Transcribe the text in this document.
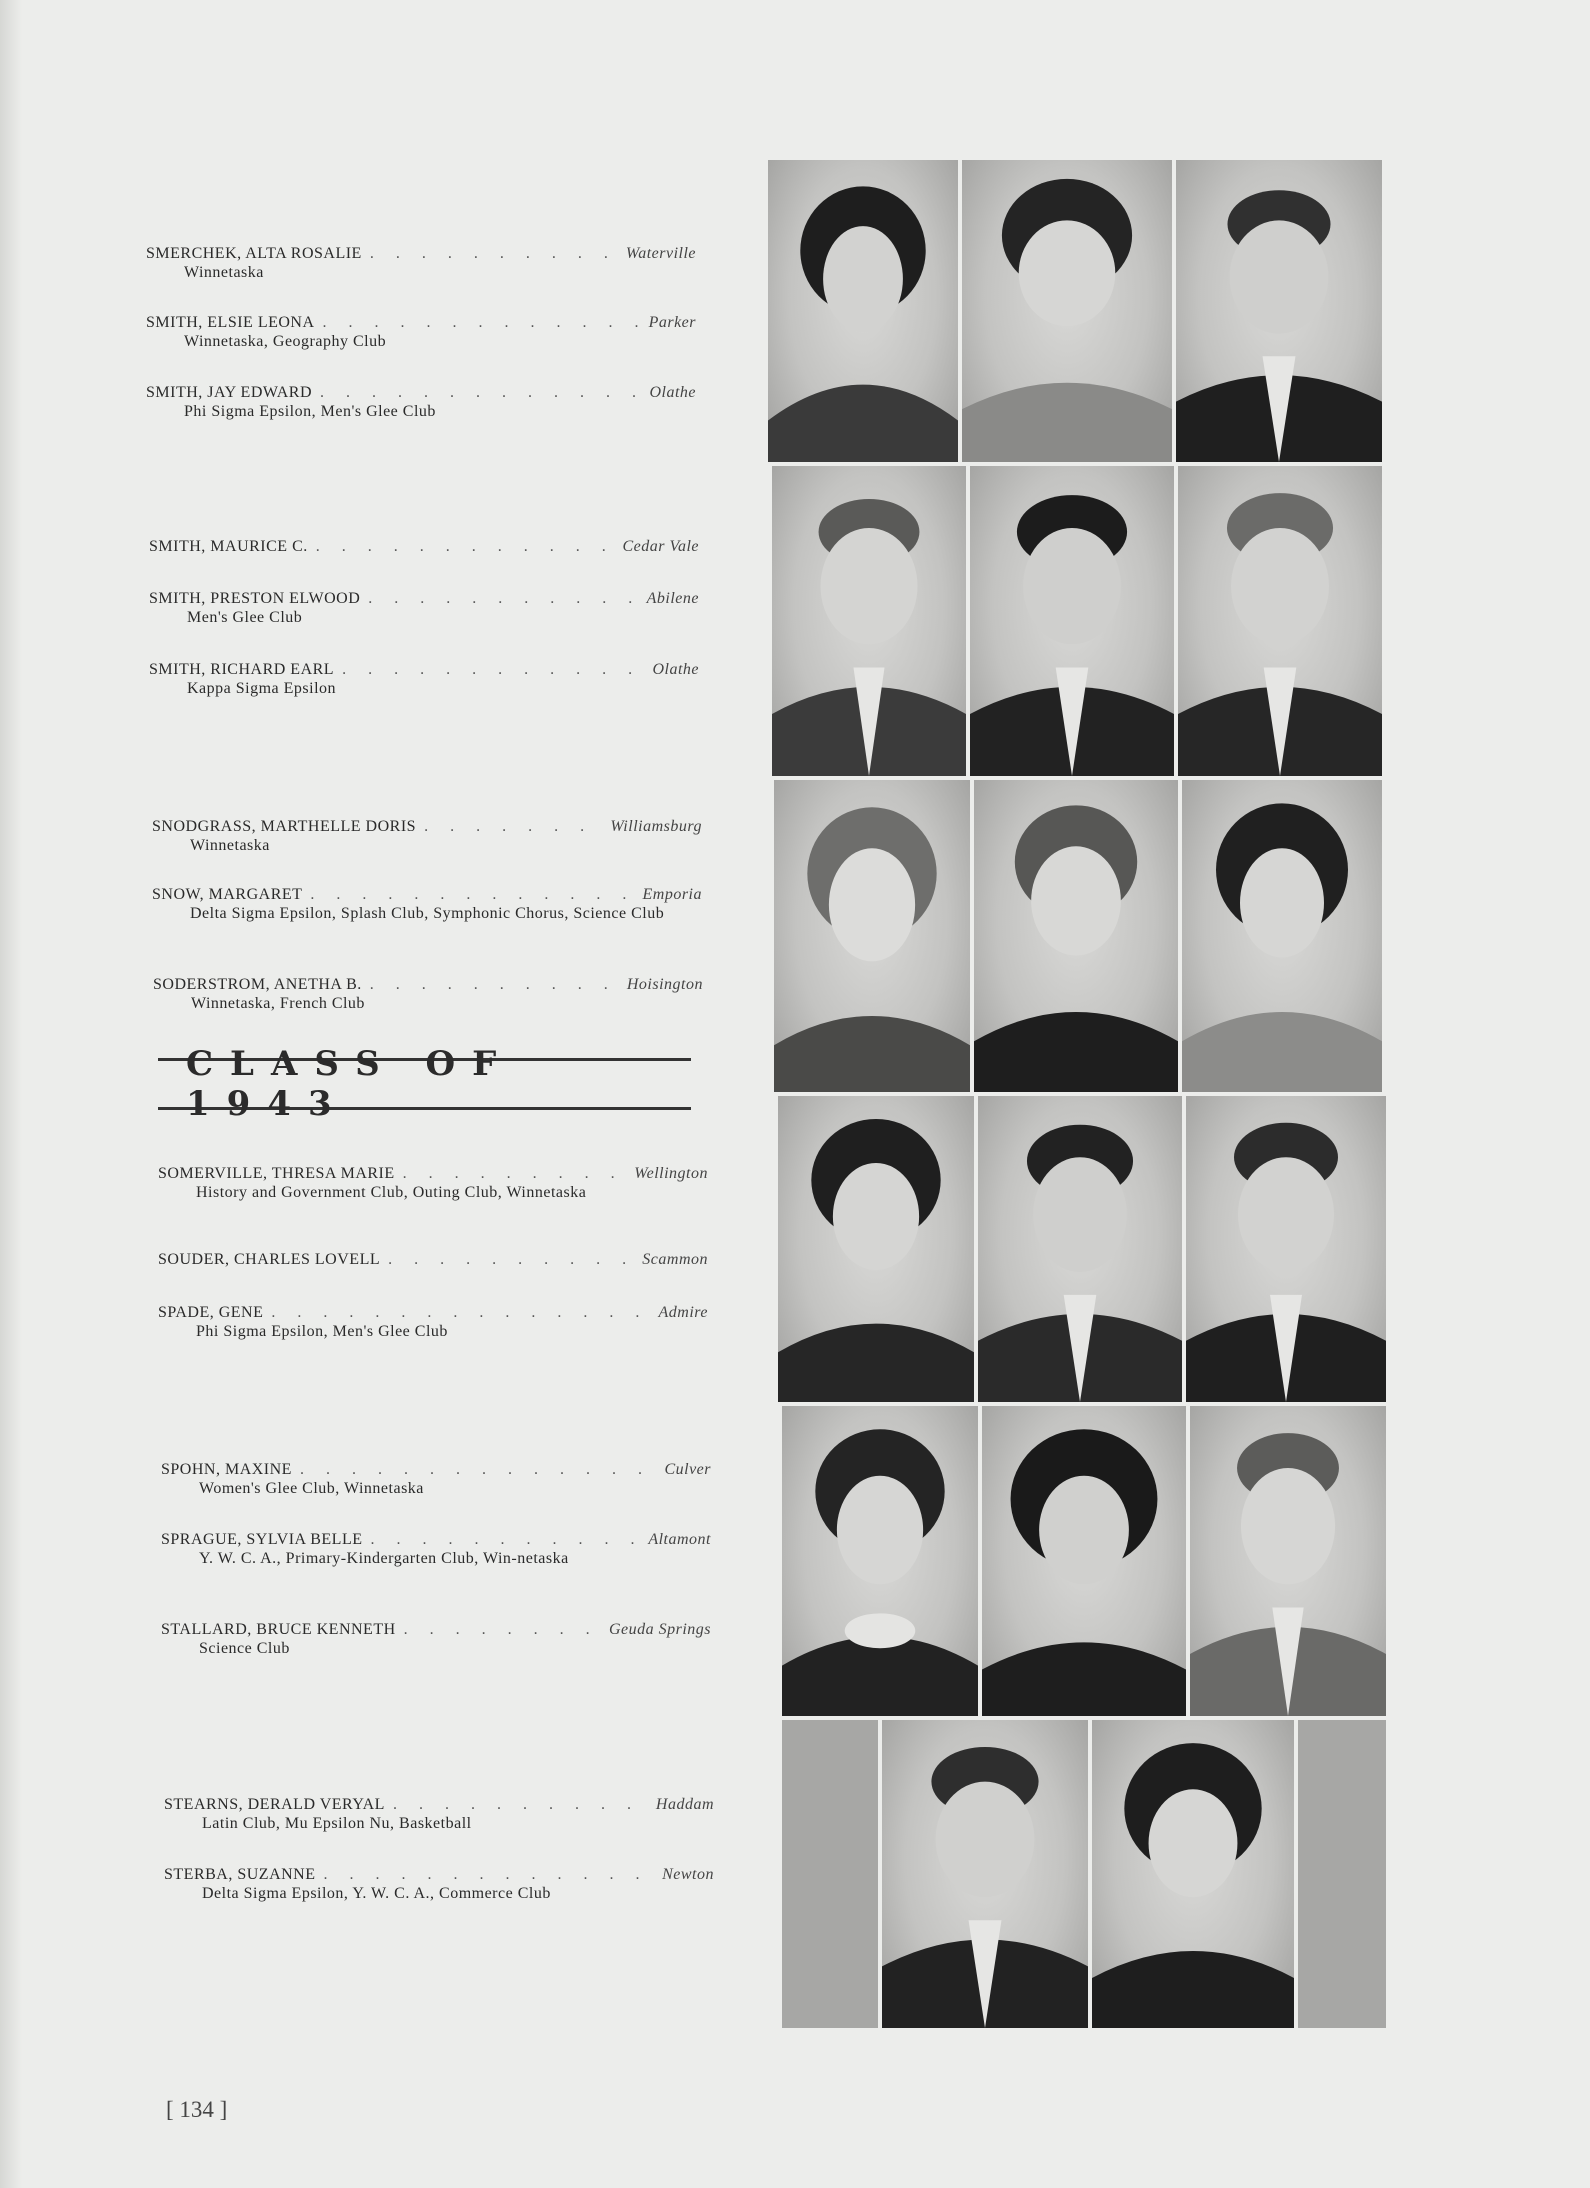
SMERCHEK, ALTA ROSALIE . . .	Waterville
Winnetaska
SMITH, ELSIE LEONA . . .	Parker
Winnetaska, Geography Club
SMITH, JAY EDWARD . . .	Olathe
Phi Sigma Epsilon, Men's Glee Club
SMITH, MAURICE C. . . .	Cedar Vale
SMITH, PRESTON ELWOOD . . .	Abilene
Men's Glee Club
SMITH, RICHARD EARL . . .	Olathe
Kappa Sigma Epsilon
SNODGRASS, MARTHELLE DORIS . . .	Williamsburg
Winnetaska
SNOW, MARGARET . . .	Emporia
Delta Sigma Epsilon, Splash Club, Symphonic Chorus, Science Club
SODERSTROM, ANETHA B. . . .	Hoisington
Winnetaska, French Club
CLASS OF 1943
SOMERVILLE, THRESA MARIE . . .	Wellington
History and Government Club, Outing Club, Winnetaska
SOUDER, CHARLES LOVELL . . .	Scammon
SPADE, GENE . . .	Admire
Phi Sigma Epsilon, Men's Glee Club
SPOHN, MAXINE . . .	Culver
Women's Glee Club, Winnetaska
SPRAGUE, SYLVIA BELLE . . .	Altamont
Y. W. C. A., Primary-Kindergarten Club, Win-netaska
STALLARD, BRUCE KENNETH . . .	Geuda Springs
Science Club
STEARNS, DERALD VERYAL . . .	Haddam
Latin Club, Mu Epsilon Nu, Basketball
STERBA, SUZANNE . . .	Newton
Delta Sigma Epsilon, Y. W. C. A., Commerce Club
[ 134 ]
